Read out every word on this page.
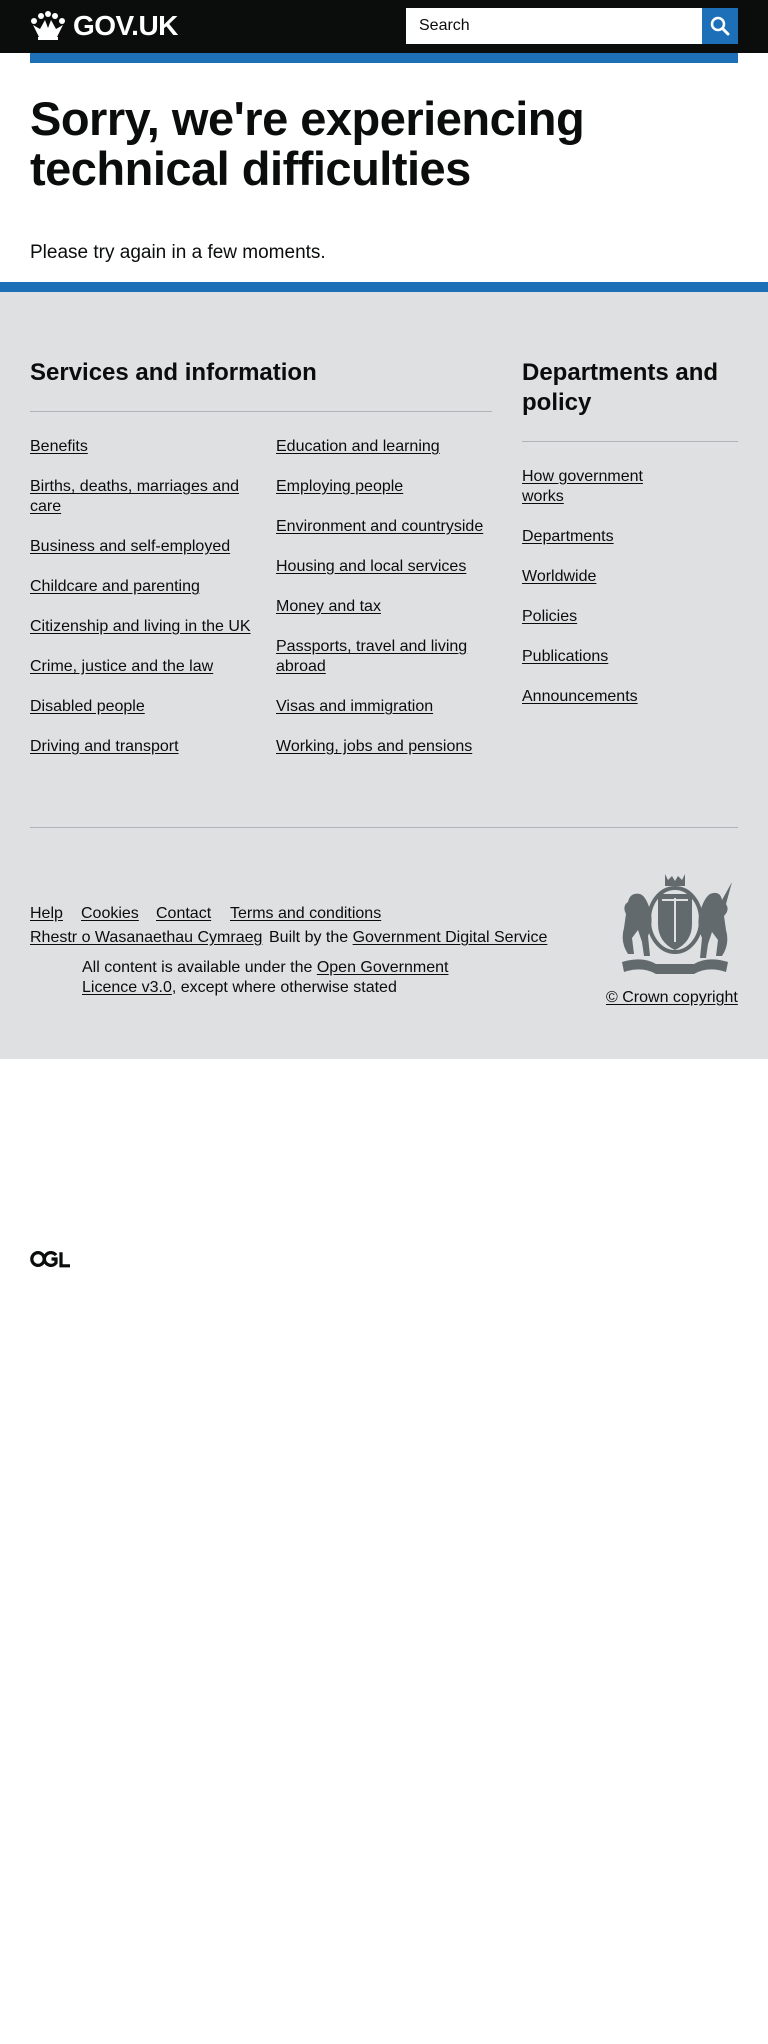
GOV.UK
Search
Sorry, we're experiencing technical difficulties

Please try again in a few moments.

Services and information
Benefits
Births, deaths, marriages and care
Business and self-employed
Childcare and parenting
Citizenship and living in the UK
Crime, justice and the law
Disabled people
Driving and transport
Education and learning
Employing people
Environment and countryside
Housing and local services
Money and tax
Passports, travel and living abroad
Visas and immigration
Working, jobs and pensions
Departments and policy
How government works
Departments
Worldwide
Policies
Publications
Announcements
Help Cookies Contact Terms and conditions
Rhestr o Wasanaethau Cymraeg Built by the Government Digital Service
All content is available under the Open Government Licence v3.0, except where otherwise stated
© Crown copyright
